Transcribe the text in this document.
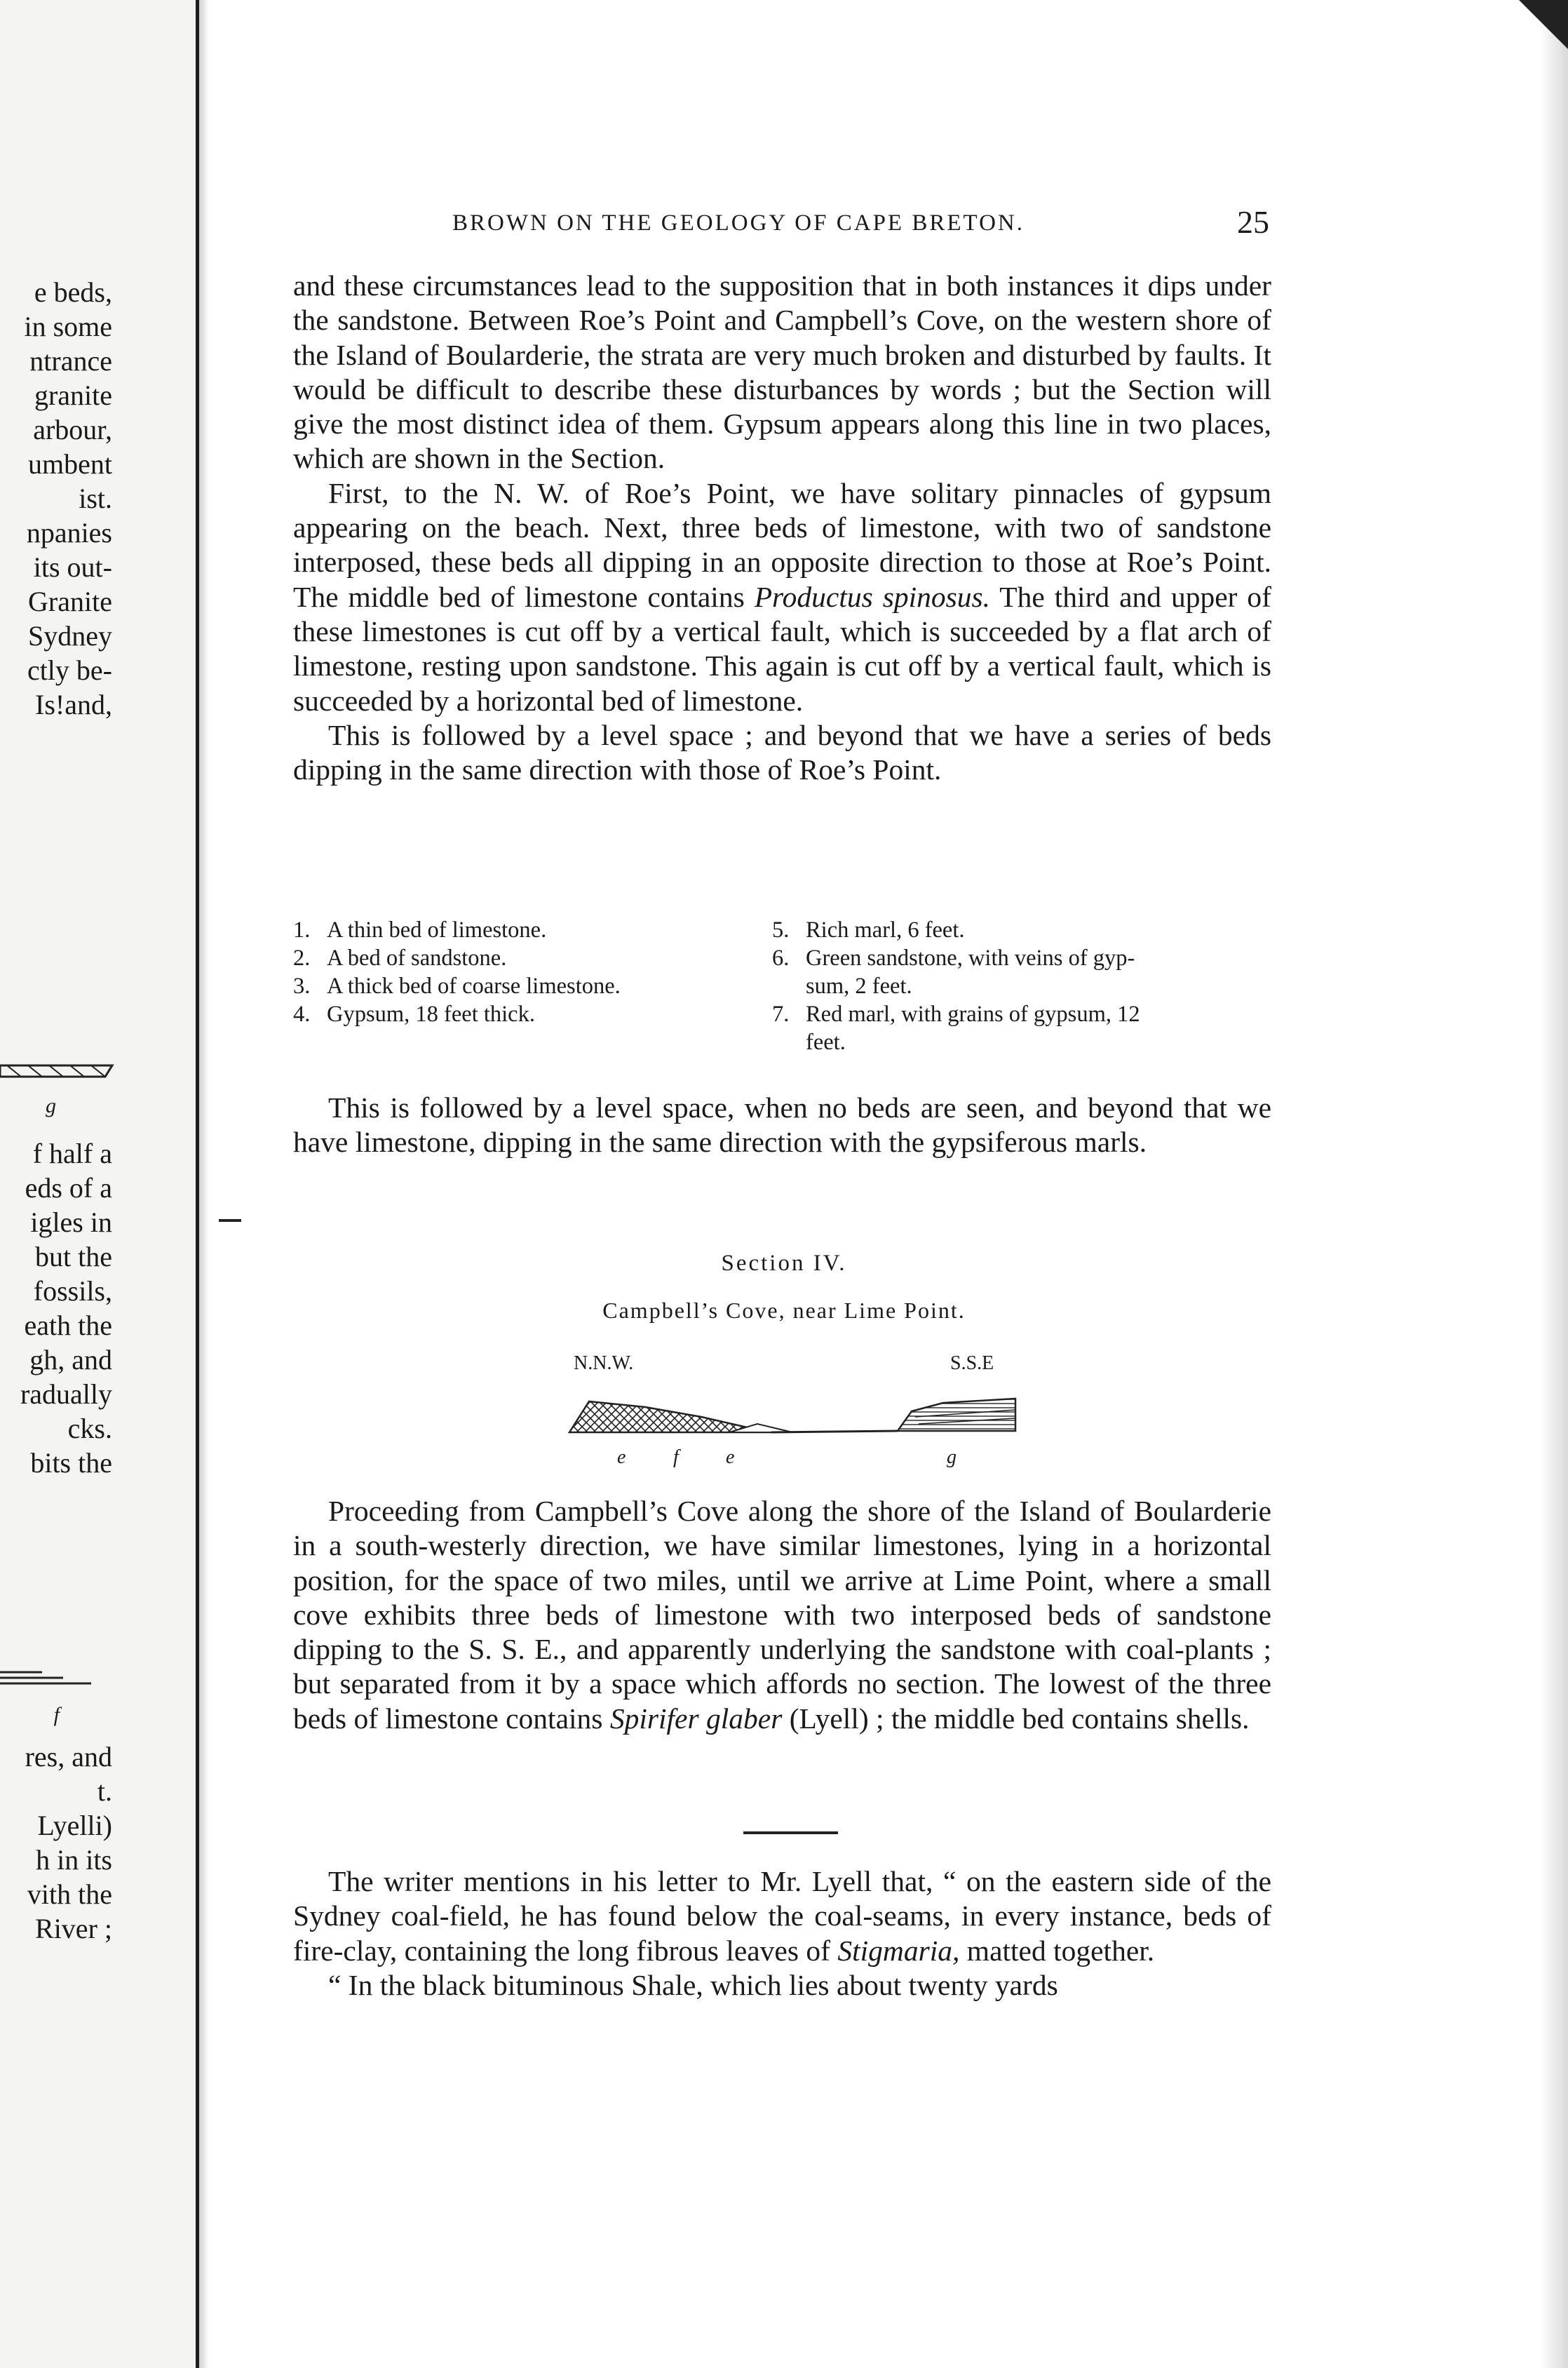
e beds,
in some
ntrance
granite
arbour,
umbent
ist.
npanies
its out-
Granite
Sydney
ctly be-
Is!and,
g
f half a
eds of a
igles in
but the
fossils,
eath the
gh, and
radually
cks.
bits the
f
res, and
t.
Lyelli)
h in its
vith the
River ;
BROWN ON THE GEOLOGY OF CAPE BRETON.	25

and these circumstances lead to the supposition that in both instances it dips under the sandstone. Between Roe’s Point and Campbell’s Cove, on the western shore of the Island of Boularderie, the strata are very much broken and disturbed by faults. It would be difficult to describe these disturbances by words ; but the Section will give the most distinct idea of them. Gypsum appears along this line in two places, which are shown in the Section.

First, to the N. W. of Roe’s Point, we have solitary pinnacles of gypsum appearing on the beach. Next, three beds of limestone, with two of sandstone interposed, these beds all dipping in an opposite direction to those at Roe’s Point. The middle bed of limestone contains Productus spinosus. The third and upper of these limestones is cut off by a vertical fault, which is succeeded by a flat arch of limestone, resting upon sandstone. This again is cut off by a vertical fault, which is succeeded by a horizontal bed of limestone.

This is followed by a level space ; and beyond that we have a series of beds dipping in the same direction with those of Roe’s Point.

1. A thin bed of limestone.
2. A bed of sandstone.
3. A thick bed of coarse limestone.
4. Gypsum, 18 feet thick.
5. Rich marl, 6 feet.
6. Green sandstone, with veins of gyp-
sum, 2 feet.
7. Red marl, with grains of gypsum, 12
feet.

This is followed by a level space, when no beds are seen, and beyond that we have limestone, dipping in the same direction with the gypsiferous marls.

Section IV.
Campbell’s Cove, near Lime Point.
N.N.W.	S.S.E
e f e	g

Proceeding from Campbell’s Cove along the shore of the Island of Boularderie in a south-westerly direction, we have similar limestones, lying in a horizontal position, for the space of two miles, until we arrive at Lime Point, where a small cove exhibits three beds of limestone with two interposed beds of sandstone dipping to the S. S. E., and apparently underlying the sandstone with coal-plants ; but separated from it by a space which affords no section. The lowest of the three beds of limestone contains Spirifer glaber (Lyell) ; the middle bed contains shells.

The writer mentions in his letter to Mr. Lyell that, “ on the eastern side of the Sydney coal-field, he has found below the coal-seams, in every instance, beds of fire-clay, containing the long fibrous leaves of Stigmaria, matted together.

“ In the black bituminous Shale, which lies about twenty yards
